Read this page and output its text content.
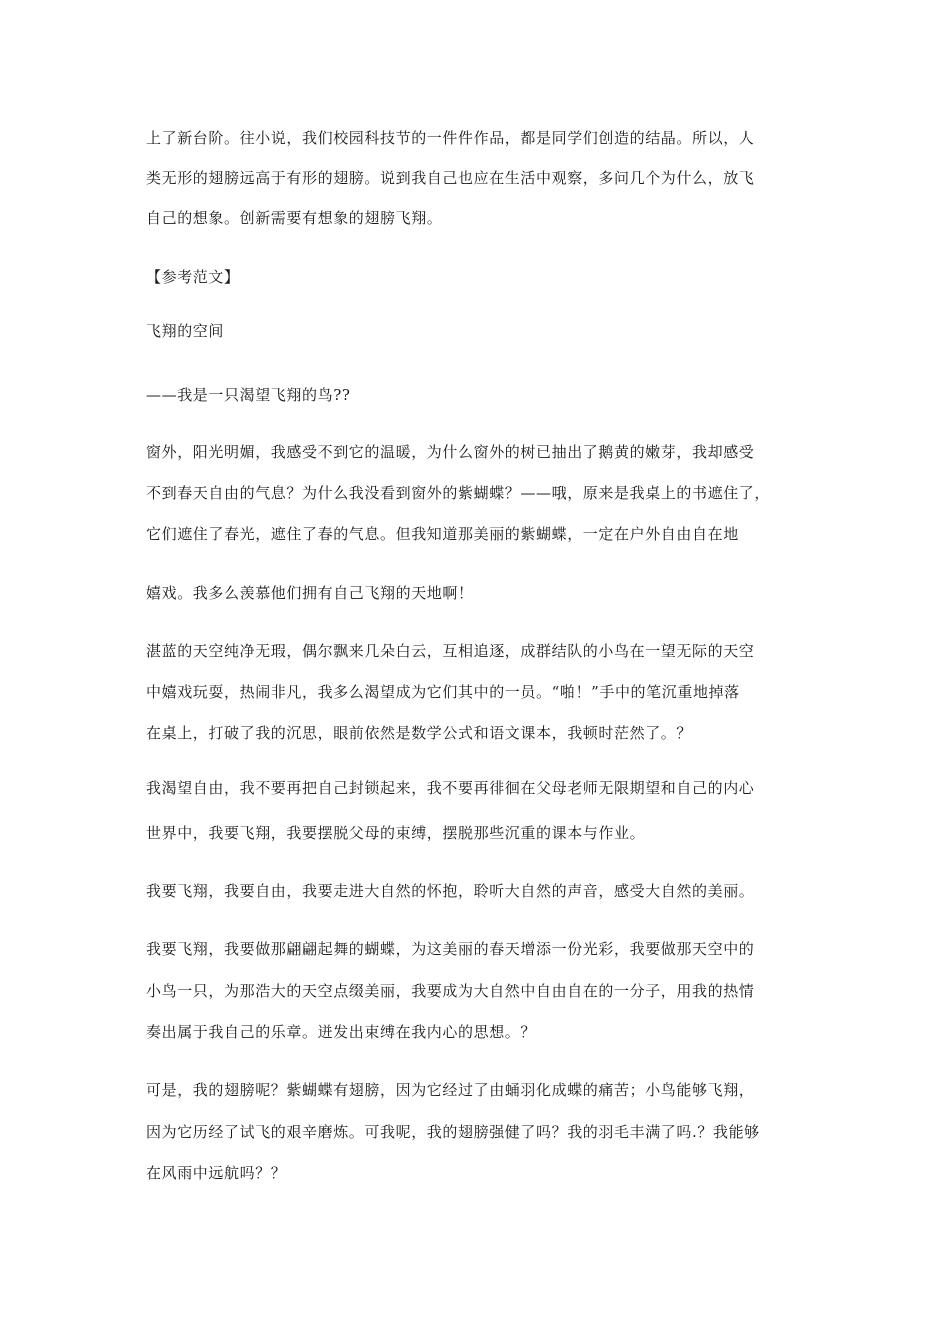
上了新台阶。往小说，我们校园科技节的一件件作品，都是同学们创造的结晶。所以，人
类无形的翅膀远高于有形的翅膀。说到我自己也应在生活中观察，多问几个为什么，放飞
自己的想象。创新需要有想象的翅膀飞翔。
【参考范文】
飞翔的空间
——我是一只渴望飞翔的鸟??
窗外，阳光明媚，我感受不到它的温暖，为什么窗外的树已抽出了鹅黄的嫩芽，我却感受
不到春天自由的气息？为什么我没看到窗外的紫蝴蝶？——哦，原来是我桌上的书遮住了，
它们遮住了春光，遮住了春的气息。但我知道那美丽的紫蝴蝶，一定在户外自由自在地
嬉戏。我多么羡慕他们拥有自己飞翔的天地啊！
湛蓝的天空纯净无瑕，偶尔飘来几朵白云，互相追逐，成群结队的小鸟在一望无际的天空
中嬉戏玩耍，热闹非凡，我多么渴望成为它们其中的一员。“啪！”手中的笔沉重地掉落
在桌上，打破了我的沉思，眼前依然是数学公式和语文课本，我顿时茫然了。？
我渴望自由，我不要再把自己封锁起来，我不要再徘徊在父母老师无限期望和自己的内心
世界中，我要飞翔，我要摆脱父母的束缚，摆脱那些沉重的课本与作业。
我要飞翔，我要自由，我要走进大自然的怀抱，聆听大自然的声音，感受大自然的美丽。
我要飞翔，我要做那翩翩起舞的蝴蝶，为这美丽的春天增添一份光彩，我要做那天空中的
小鸟一只，为那浩大的天空点缀美丽，我要成为大自然中自由自在的一分子，用我的热情
奏出属于我自己的乐章。迸发出束缚在我内心的思想。？
可是，我的翅膀呢？紫蝴蝶有翅膀，因为它经过了由蛹羽化成蝶的痛苦；小鸟能够飞翔，
因为它历经了试飞的艰辛磨炼。可我呢，我的翅膀强健了吗？我的羽毛丰满了吗.？我能够
在风雨中远航吗？？
